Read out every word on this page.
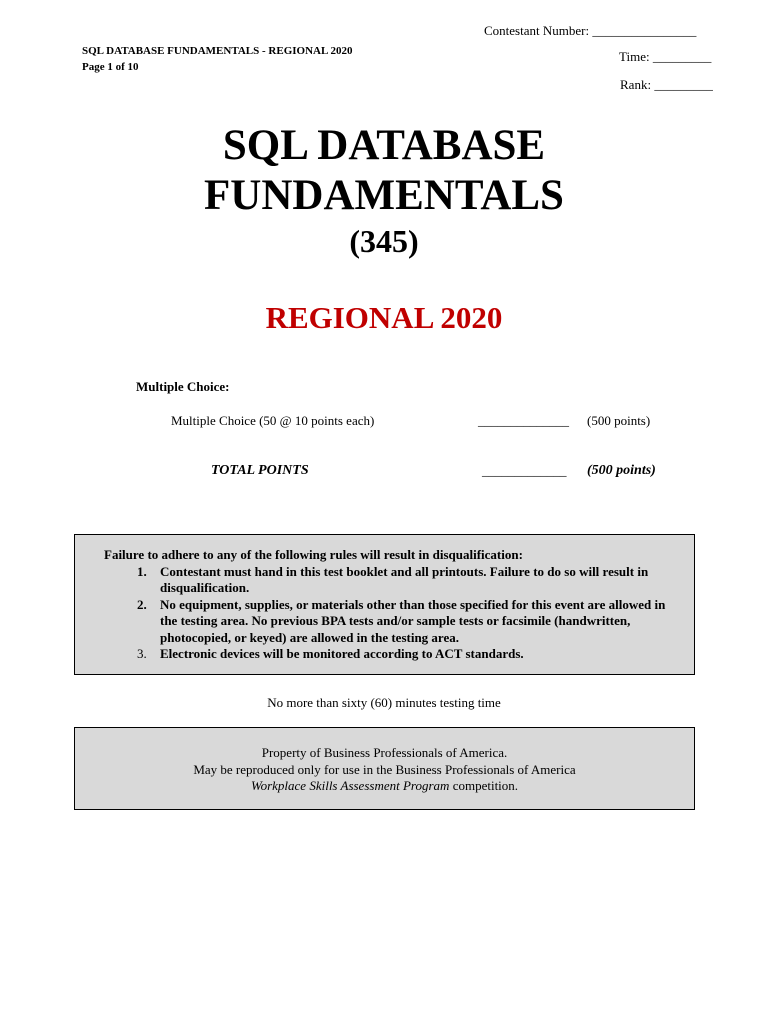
Contestant Number: ________________
SQL DATABASE FUNDAMENTALS - REGIONAL 2020
Page 1 of 10
Time: _________
Rank: _________
SQL DATABASE
FUNDAMENTALS
(345)
REGIONAL 2020
Multiple Choice:
Multiple Choice (50 @ 10 points each)	______________ (500 points)
TOTAL POINTS	_____________ (500 points)
Failure to adhere to any of the following rules will result in disqualification:
1.	Contestant must hand in this test booklet and all printouts. Failure to do so will result in disqualification.
2.	No equipment, supplies, or materials other than those specified for this event are allowed in the testing area. No previous BPA tests and/or sample tests or facsimile (handwritten, photocopied, or keyed) are allowed in the testing area.
3.	Electronic devices will be monitored according to ACT standards.
No more than sixty (60) minutes testing time
Property of Business Professionals of America.
May be reproduced only for use in the Business Professionals of America
Workplace Skills Assessment Program competition.
